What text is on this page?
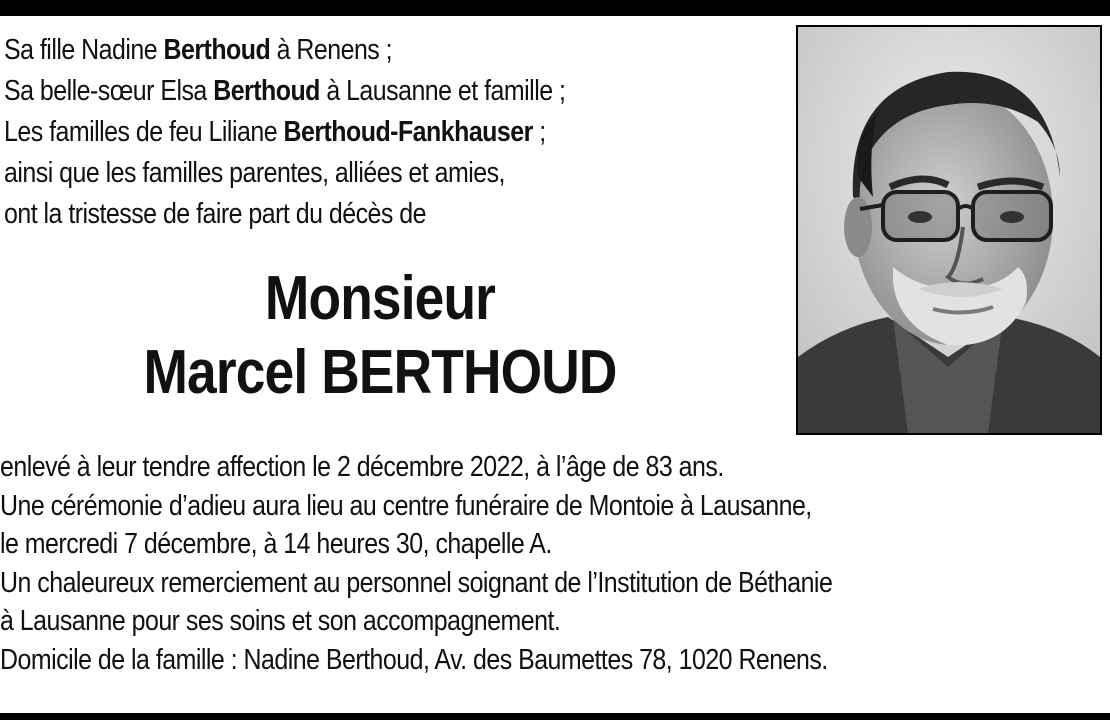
Sa fille Nadine Berthoud à Renens ;
Sa belle-sœur Elsa Berthoud à Lausanne et famille ;
Les familles de feu Liliane Berthoud-Fankhauser ;
ainsi que les familles parentes, alliées et amies,
ont la tristesse de faire part du décès de
Monsieur
Marcel BERTHOUD
enlevé à leur tendre affection le 2 décembre 2022, à l’âge de 83 ans.
Une cérémonie d’adieu aura lieu au centre funéraire de Montoie à Lausanne,
le mercredi 7 décembre, à 14 heures 30, chapelle A.
Un chaleureux remerciement au personnel soignant de l’Institution de Béthanie
à Lausanne pour ses soins et son accompagnement.
Domicile de la famille : Nadine Berthoud, Av. des Baumettes 78, 1020 Renens.
